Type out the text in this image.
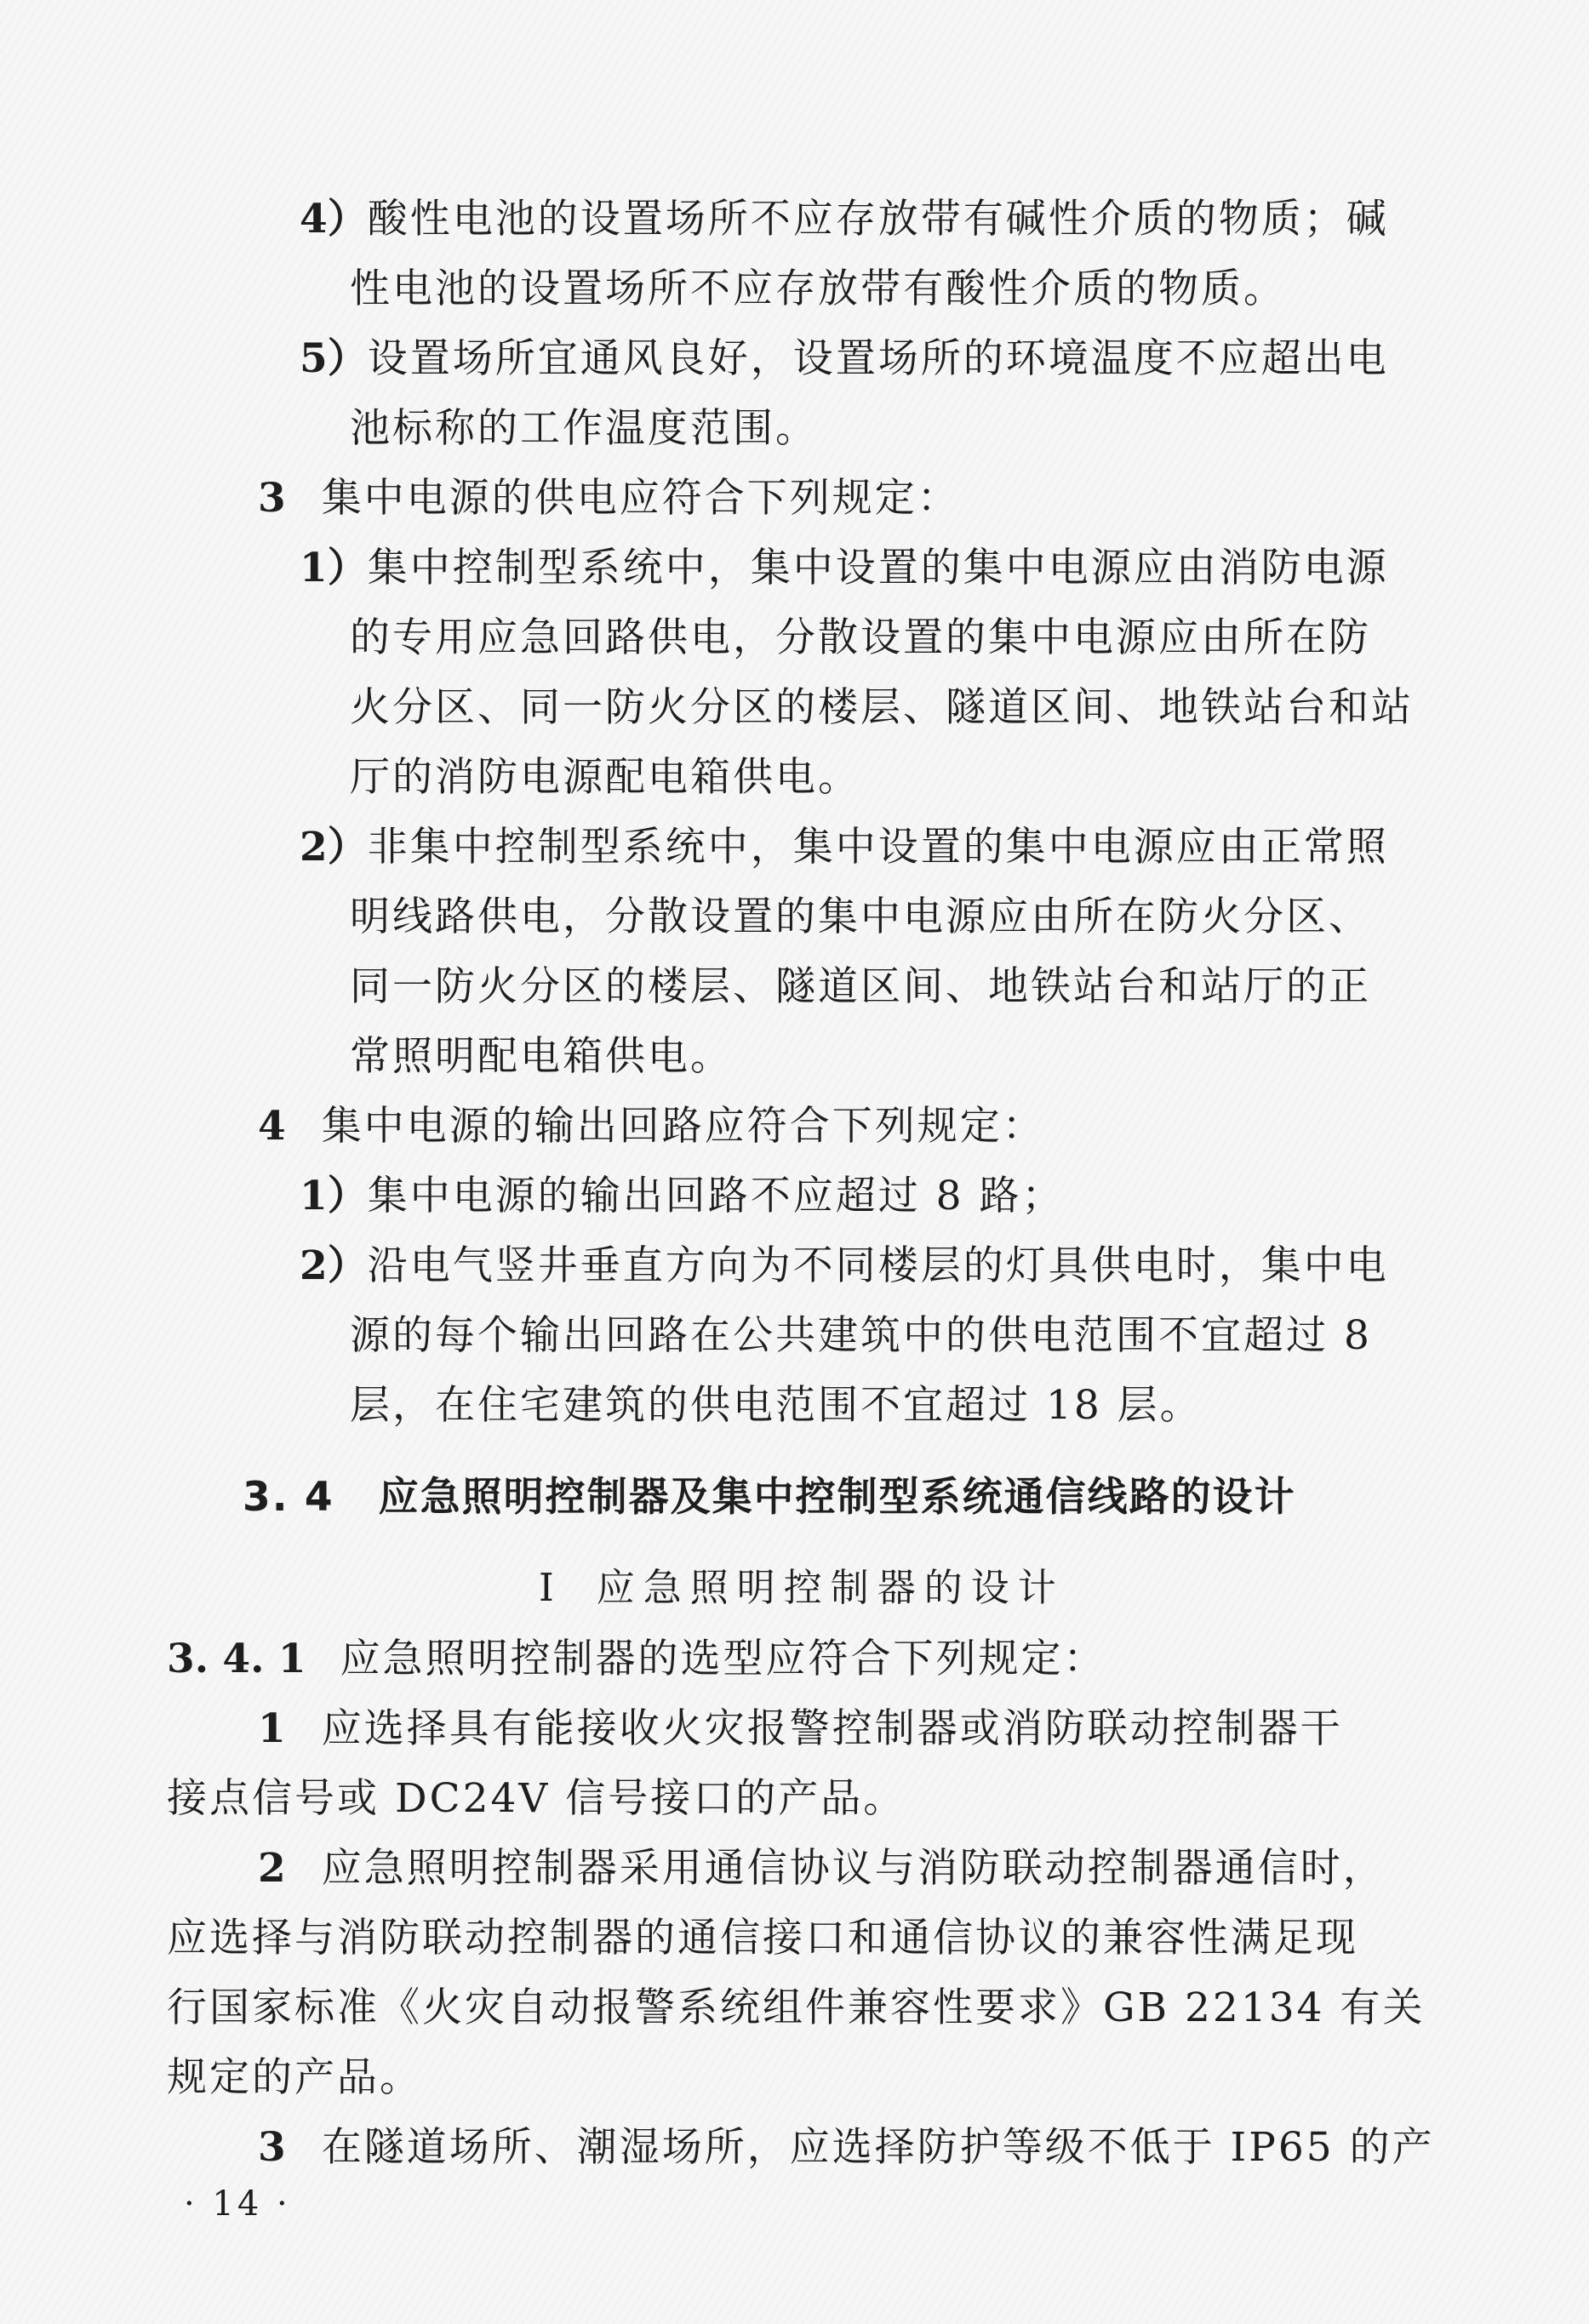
4）酸性电池的设置场所不应存放带有碱性介质的物质；碱
性电池的设置场所不应存放带有酸性介质的物质。
5）设置场所宜通风良好，设置场所的环境温度不应超出电
池标称的工作温度范围。
3 集中电源的供电应符合下列规定：
1）集中控制型系统中，集中设置的集中电源应由消防电源
的专用应急回路供电，分散设置的集中电源应由所在防
火分区、同一防火分区的楼层、隧道区间、地铁站台和站
厅的消防电源配电箱供电。
2）非集中控制型系统中，集中设置的集中电源应由正常照
明线路供电，分散设置的集中电源应由所在防火分区、
同一防火分区的楼层、隧道区间、地铁站台和站厅的正
常照明配电箱供电。
4 集中电源的输出回路应符合下列规定：
1）集中电源的输出回路不应超过 8 路；
2）沿电气竖井垂直方向为不同楼层的灯具供电时，集中电
源的每个输出回路在公共建筑中的供电范围不宜超过 8
层，在住宅建筑的供电范围不宜超过 18 层。
3. 4 应急照明控制器及集中控制型系统通信线路的设计
Ⅰ 应急照明控制器的设计
3. 4. 1 应急照明控制器的选型应符合下列规定：
1 应选择具有能接收火灾报警控制器或消防联动控制器干
接点信号或 DC24V 信号接口的产品。
2 应急照明控制器采用通信协议与消防联动控制器通信时，
应选择与消防联动控制器的通信接口和通信协议的兼容性满足现
行国家标准《火灾自动报警系统组件兼容性要求》GB 22134 有关
规定的产品。
3 在隧道场所、潮湿场所，应选择防护等级不低于 IP65 的产
· 14 ·
